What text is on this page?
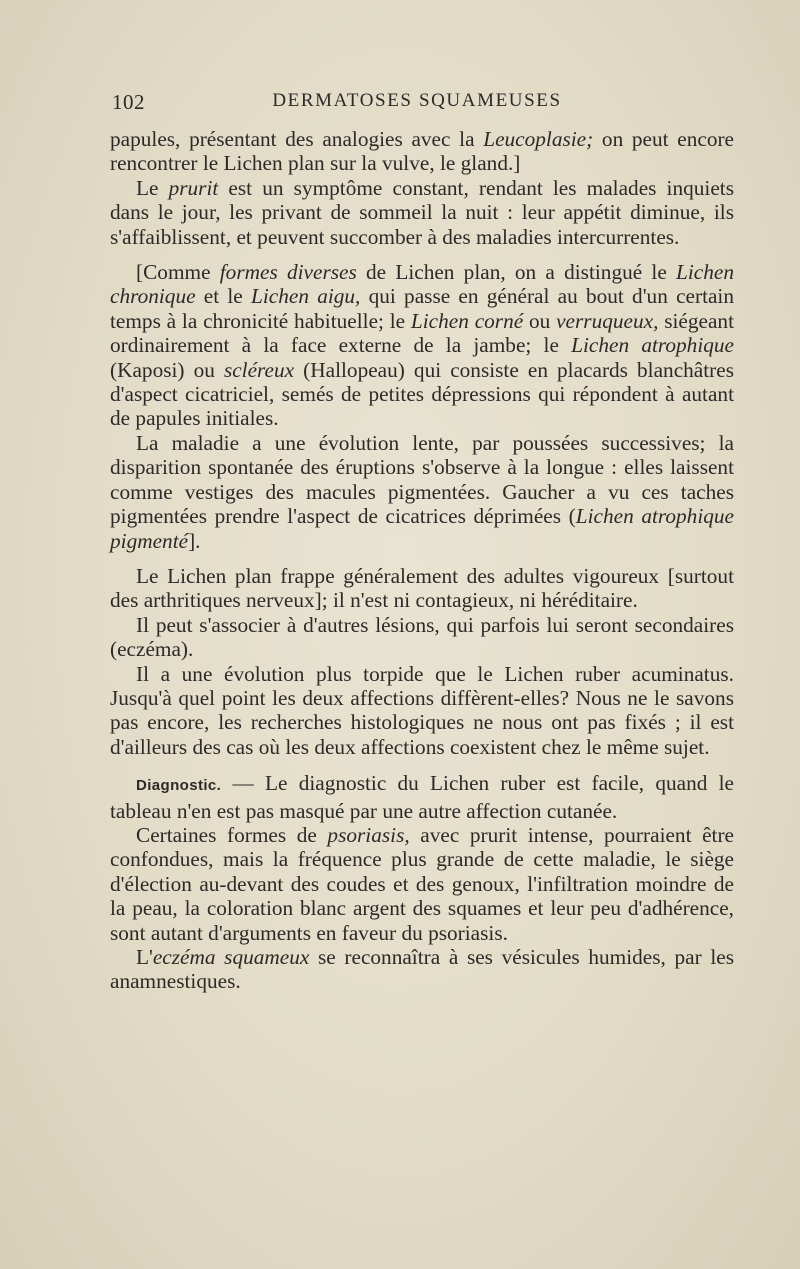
102	DERMATOSES SQUAMEUSES

papules, présentant des analogies avec la Leucoplasie; on peut encore rencontrer le Lichen plan sur la vulve, le gland.]

Le prurit est un symptôme constant, rendant les malades inquiets dans le jour, les privant de sommeil la nuit : leur appétit diminue, ils s'affaiblissent, et peuvent succomber à des maladies intercurrentes.

[Comme formes diverses de Lichen plan, on a distingué le Lichen chronique et le Lichen aigu, qui passe en général au bout d'un certain temps à la chronicité habituelle; le Lichen corné ou verruqueux, siégeant ordinairement à la face externe de la jambe; le Lichen atrophique (Kaposi) ou scléreux (Hallopeau) qui consiste en placards blanchâtres d'aspect cicatriciel, semés de petites dépressions qui répondent à autant de papules initiales.

La maladie a une évolution lente, par poussées successives; la disparition spontanée des éruptions s'observe à la longue : elles laissent comme vestiges des macules pigmentées. Gaucher a vu ces taches pigmentées prendre l'aspect de cicatrices déprimées (Lichen atrophique pigmenté].

Le Lichen plan frappe généralement des adultes vigoureux [surtout des arthritiques nerveux]; il n'est ni contagieux, ni héréditaire.

Il peut s'associer à d'autres lésions, qui parfois lui seront secondaires (eczéma).

Il a une évolution plus torpide que le Lichen ruber acuminatus. Jusqu'à quel point les deux affections diffèrent-elles? Nous ne le savons pas encore, les recherches histologiques ne nous ont pas fixés ; il est d'ailleurs des cas où les deux affections coexistent chez le même sujet.

Diagnostic. — Le diagnostic du Lichen ruber est facile, quand le tableau n'en est pas masqué par une autre affection cutanée.

Certaines formes de psoriasis, avec prurit intense, pourraient être confondues, mais la fréquence plus grande de cette maladie, le siège d'élection au-devant des coudes et des genoux, l'infiltration moindre de la peau, la coloration blanc argent des squames et leur peu d'adhérence, sont autant d'arguments en faveur du psoriasis.

L'eczéma squameux se reconnaîtra à ses vésicules humides, par les anamnestiques.
